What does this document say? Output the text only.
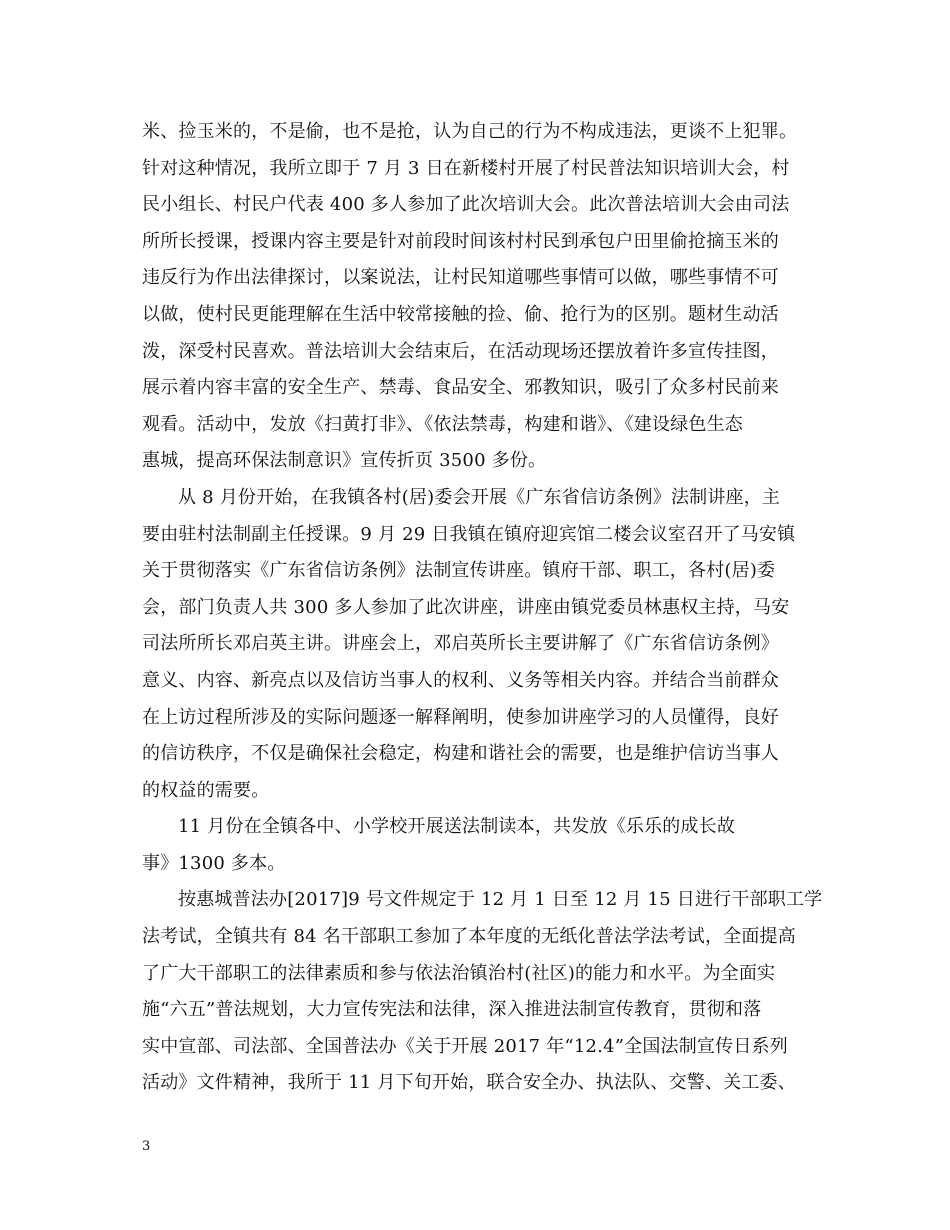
米、捡玉米的，不是偷，也不是抢，认为自己的行为不构成违法，更谈不上犯罪。
针对这种情况，我所立即于 7 月 3 日在新楼村开展了村民普法知识培训大会，村
民小组长、村民户代表 400 多人参加了此次培训大会。此次普法培训大会由司法
所所长授课，授课内容主要是针对前段时间该村村民到承包户田里偷抢摘玉米的
违反行为作出法律探讨，以案说法，让村民知道哪些事情可以做，哪些事情不可
以做，使村民更能理解在生活中较常接触的捡、偷、抢行为的区别。题材生动活
泼，深受村民喜欢。普法培训大会结束后，在活动现场还摆放着许多宣传挂图，
展示着内容丰富的安全生产、禁毒、食品安全、邪教知识，吸引了众多村民前来
观看。活动中，发放《扫黄打非》、《依法禁毒，构建和谐》、《建设绿色生态
惠城，提高环保法制意识》宣传折页 3500 多份。
从 8 月份开始，在我镇各村(居)委会开展《广东省信访条例》法制讲座，主
要由驻村法制副主任授课。9 月 29 日我镇在镇府迎宾馆二楼会议室召开了马安镇
关于贯彻落实《广东省信访条例》法制宣传讲座。镇府干部、职工，各村(居)委
会，部门负责人共 300 多人参加了此次讲座，讲座由镇党委员林惠权主持，马安
司法所所长邓启英主讲。讲座会上，邓启英所长主要讲解了《广东省信访条例》
意义、内容、新亮点以及信访当事人的权利、义务等相关内容。并结合当前群众
在上访过程所涉及的实际问题逐一解释阐明，使参加讲座学习的人员懂得，良好
的信访秩序，不仅是确保社会稳定，构建和谐社会的需要，也是维护信访当事人
的权益的需要。
11 月份在全镇各中、小学校开展送法制读本，共发放《乐乐的成长故
事》1300 多本。
按惠城普法办[2017]9 号文件规定于 12 月 1 日至 12 月 15 日进行干部职工学
法考试，全镇共有 84 名干部职工参加了本年度的无纸化普法学法考试，全面提高
了广大干部职工的法律素质和参与依法治镇治村(社区)的能力和水平。为全面实
施“六五”普法规划，大力宣传宪法和法律，深入推进法制宣传教育，贯彻和落
实中宣部、司法部、全国普法办《关于开展 2017 年“12.4”全国法制宣传日系列
活动》文件精神，我所于 11 月下旬开始，联合安全办、执法队、交警、关工委、
3
